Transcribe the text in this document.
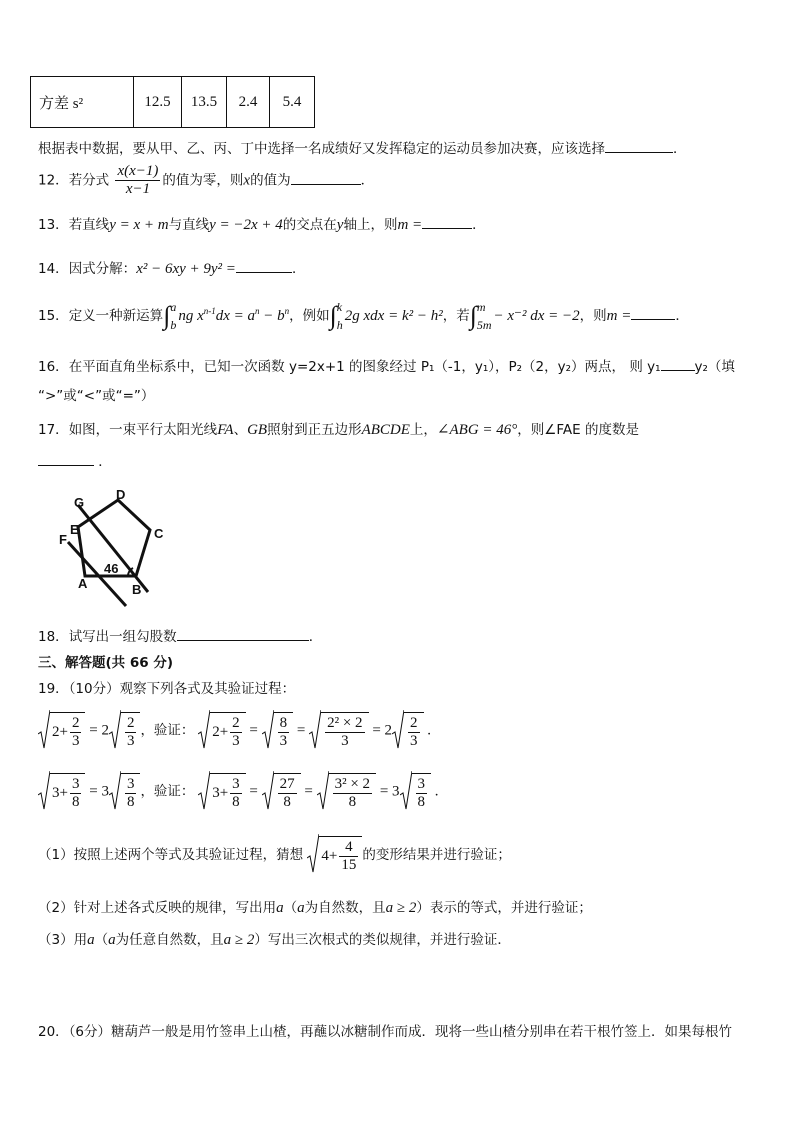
方差 s²	12.5	13.5	2.4	5.4
根据表中数据，要从甲、乙、丙、丁中选择一名成绩好又发挥稳定的运动员参加决赛，应该选择	．
12．若分式 $\frac{x(x-1)}{x-1}$ 的值为零，则x的值为	．
13．若直线y = x + m与直线y = −2x + 4的交点在y轴上，则m =	．
14．因式分解：x² − 6xy + 9y² =	．
15．定义一种新运算∫a
bng $x^{n-1}dx = a^n - b^n$，例如∫k
h2g xdx = k² − h²，若∫m
5m− x⁻² dx = −2，则m =	．
16．在平面直角坐标系中，已知一次函数 y=2x+1 的图象经过 P₁（-1，y₁），P₂（2，y₂）两点， 则 y₁	y₂（填
“>”或“<”或“=”）
17．如图，一束平行太阳光线FA、GB照射到正五边形ABCDE上，∠ABG = 46°，则∠FAE 的度数是
．
G
D
E	C
F
A	B
46
18．试写出一组勾股数	．
三、解答题(共 66 分)
19．（10分）观察下列各式及其验证过程：
$2+ \frac{2}{3} = 2 \frac{2}{3}$ ，验证： $2+ \frac{2}{3} = \frac{8}{3} = \frac{\text{2² × 2}}{3} = 2 \frac{2}{3}$ .
$3+ \frac{3}{8} = 3 \frac{3}{8}$ ，验证： $3+ \frac{3}{8} = \frac{27}{8} = \frac{\text{3² × 2}}{8} = 3 \frac{3}{8}$ .
（1）按照上述两个等式及其验证过程，猜想 $4+ \frac{4}{15}$ 的变形结果并进行验证；
（2）针对上述各式反映的规律，写出用a（a为自然数，且a ≥ 2）表示的等式，并进行验证；
（3）用a（a为任意自然数，且a ≥ 2）写出三次根式的类似规律，并进行验证．
20．（6分）糖葫芦一般是用竹签串上山楂，再蘸以冰糖制作而成．现将一些山楂分别串在若干根竹签上．如果每根竹
